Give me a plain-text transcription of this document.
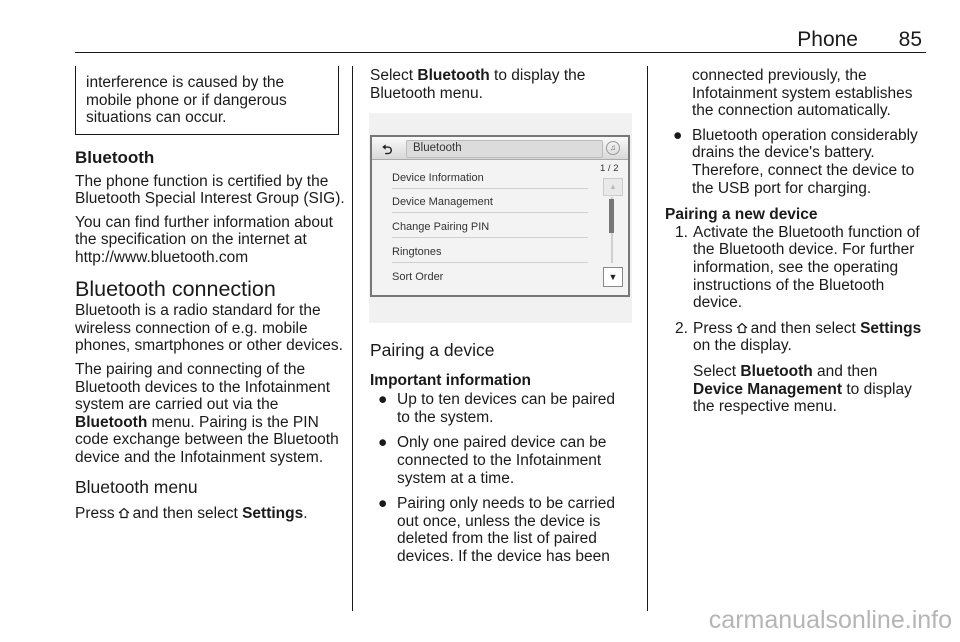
Phone	85

interference is caused by the mobile phone or if dangerous situations can occur.

Bluetooth

The phone function is certified by the Bluetooth Special Interest Group (SIG).

You can find further information about the specification on the internet at http://www.bluetooth.com

Bluetooth connection

Bluetooth is a radio standard for the wireless connection of e.g. mobile phones, smartphones or other devices.

The pairing and connecting of the Bluetooth devices to the Infotainment system are carried out via the Bluetooth menu. Pairing is the PIN code exchange between the Bluetooth device and the Infotainment system.

Bluetooth menu

Press and then select Settings.

Select Bluetooth to display the Bluetooth menu.

⮌ Bluetooth	♫
Device Information
Device Management
Change Pairing PIN
Ringtones
Sort Order
1 / 2
▲
▼

Pairing a device

Important information

● Up to ten devices can be paired to the system.
● Only one paired device can be connected to the Infotainment system at a time.
● Pairing only needs to be carried out once, unless the device is deleted from the list of paired devices. If the device has been
connected previously, the Infotainment system establishes the connection automatically.
● Bluetooth operation considerably drains the device's battery. Therefore, connect the device to the USB port for charging.

Pairing a new device

1. Activate the Bluetooth function of the Bluetooth device. For further information, see the operating instructions of the Bluetooth device.
2. Press and then select Settings on the display.
Select Bluetooth and then Device Management to display the respective menu.
carmanualsonline.info
